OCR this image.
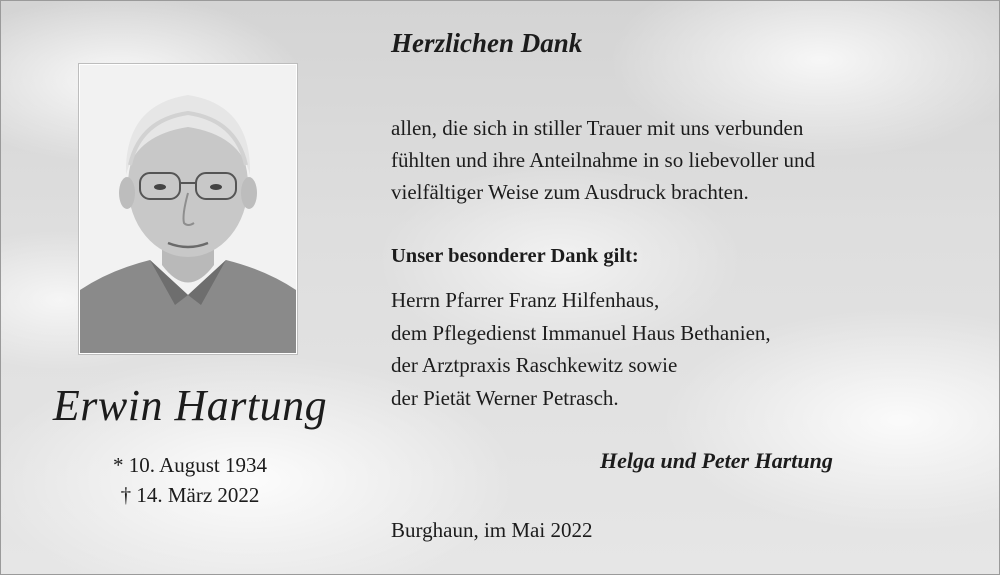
Erwin Hartung
* 10. August 1934
† 14. März 2022
Herzlichen Dank
allen, die sich in stiller Trauer mit uns verbunden
fühlten und ihre Anteilnahme in so liebevoller und
vielfältiger Weise zum Ausdruck brachten.
Unser besonderer Dank gilt:
Herrn Pfarrer Franz Hilfenhaus,
dem Pflegedienst Immanuel Haus Bethanien,
der Arztpraxis Raschkewitz sowie
der Pietät Werner Petrasch.
Helga und Peter Hartung
Burghaun, im Mai 2022
